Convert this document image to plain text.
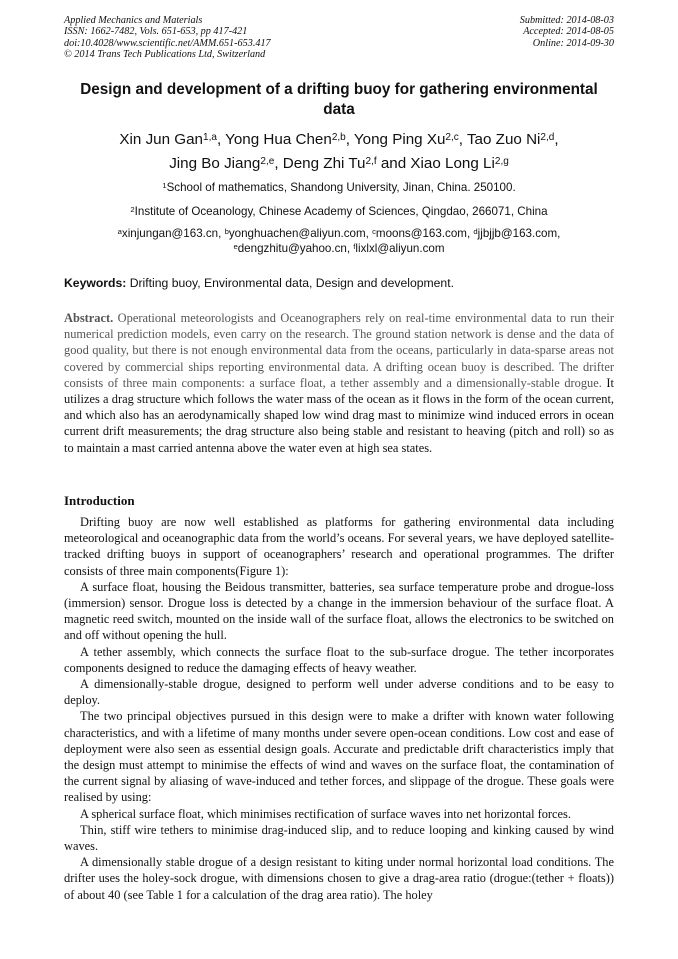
Applied Mechanics and Materials
ISSN: 1662-7482, Vols. 651-653, pp 417-421
doi:10.4028/www.scientific.net/AMM.651-653.417
© 2014 Trans Tech Publications Ltd, Switzerland
Submitted: 2014-08-03
Accepted: 2014-08-05
Online: 2014-09-30
Design and development of a drifting buoy for gathering environmental data
Xin Jun Gan$^{1,a}$, Yong Hua Chen$^{2,b}$, Yong Ping Xu$^{2,c}$, Tao Zuo Ni$^{2,d}$,
Jing Bo Jiang$^{2,e}$, Deng Zhi Tu$^{2,f}$ and Xiao Long Li$^{2,g}$
$^1$School of mathematics, Shandong University, Jinan, China. 250100.
$^2$Institute of Oceanology, Chinese Academy of Sciences, Qingdao, 266071, China
$^a$xinjungan@163.cn, $^b$yonghuachen@aliyun.com, $^c$moons@163.com, $^d$jjbjjb@163.com,
$^e$dengzhitu@yahoo.cn, $^f$lixlxl@aliyun.com
Keywords: Drifting buoy, Environmental data, Design and development.
Abstract. Operational meteorologists and Oceanographers rely on real-time environmental data to run their numerical prediction models, even carry on the research. The ground station network is dense and the data of good quality, but there is not enough environmental data from the oceans, particularly in data-sparse areas not covered by commercial ships reporting environmental data. A drifting ocean buoy is described. The drifter consists of three main components: a surface float, a tether assembly and a dimensionally-stable drogue. It utilizes a drag structure which follows the water mass of the ocean as it flows in the form of the ocean current, and which also has an aerodynamically shaped low wind drag mast to minimize wind induced errors in ocean current drift measurements; the drag structure also being stable and resistant to heaving (pitch and roll) so as to maintain a mast carried antenna above the water even at high sea states.
Introduction

Drifting buoy are now well established as platforms for gathering environmental data including meteorological and oceanographic data from the world’s oceans. For several years, we have deployed satellite-tracked drifting buoys in support of oceanographers’ research and operational programmes. The drifter consists of three main components(Figure 1):

A surface float, housing the Beidous transmitter, batteries, sea surface temperature probe and drogue-loss (immersion) sensor. Drogue loss is detected by a change in the immersion behaviour of the surface float. A magnetic reed switch, mounted on the inside wall of the surface float, allows the electronics to be switched on and off without opening the hull.

A tether assembly, which connects the surface float to the sub-surface drogue. The tether incorporates components designed to reduce the damaging effects of heavy weather.

A dimensionally-stable drogue, designed to perform well under adverse conditions and to be easy to deploy.

The two principal objectives pursued in this design were to make a drifter with known water following characteristics, and with a lifetime of many months under severe open-ocean conditions. Low cost and ease of deployment were also seen as essential design goals. Accurate and predictable drift characteristics imply that the design must attempt to minimise the effects of wind and waves on the surface float, the contamination of the current signal by aliasing of wave-induced and tether forces, and slippage of the drogue. These goals were realised by using:

A spherical surface float, which minimises rectification of surface waves into net horizontal forces.

Thin, stiff wire tethers to minimise drag-induced slip, and to reduce looping and kinking caused by wind waves.

A dimensionally stable drogue of a design resistant to kiting under normal horizontal load conditions. The drifter uses the holey-sock drogue, with dimensions chosen to give a drag-area ratio (drogue:(tether + floats)) of about 40 (see Table 1 for a calculation of the drag area ratio). The holey
